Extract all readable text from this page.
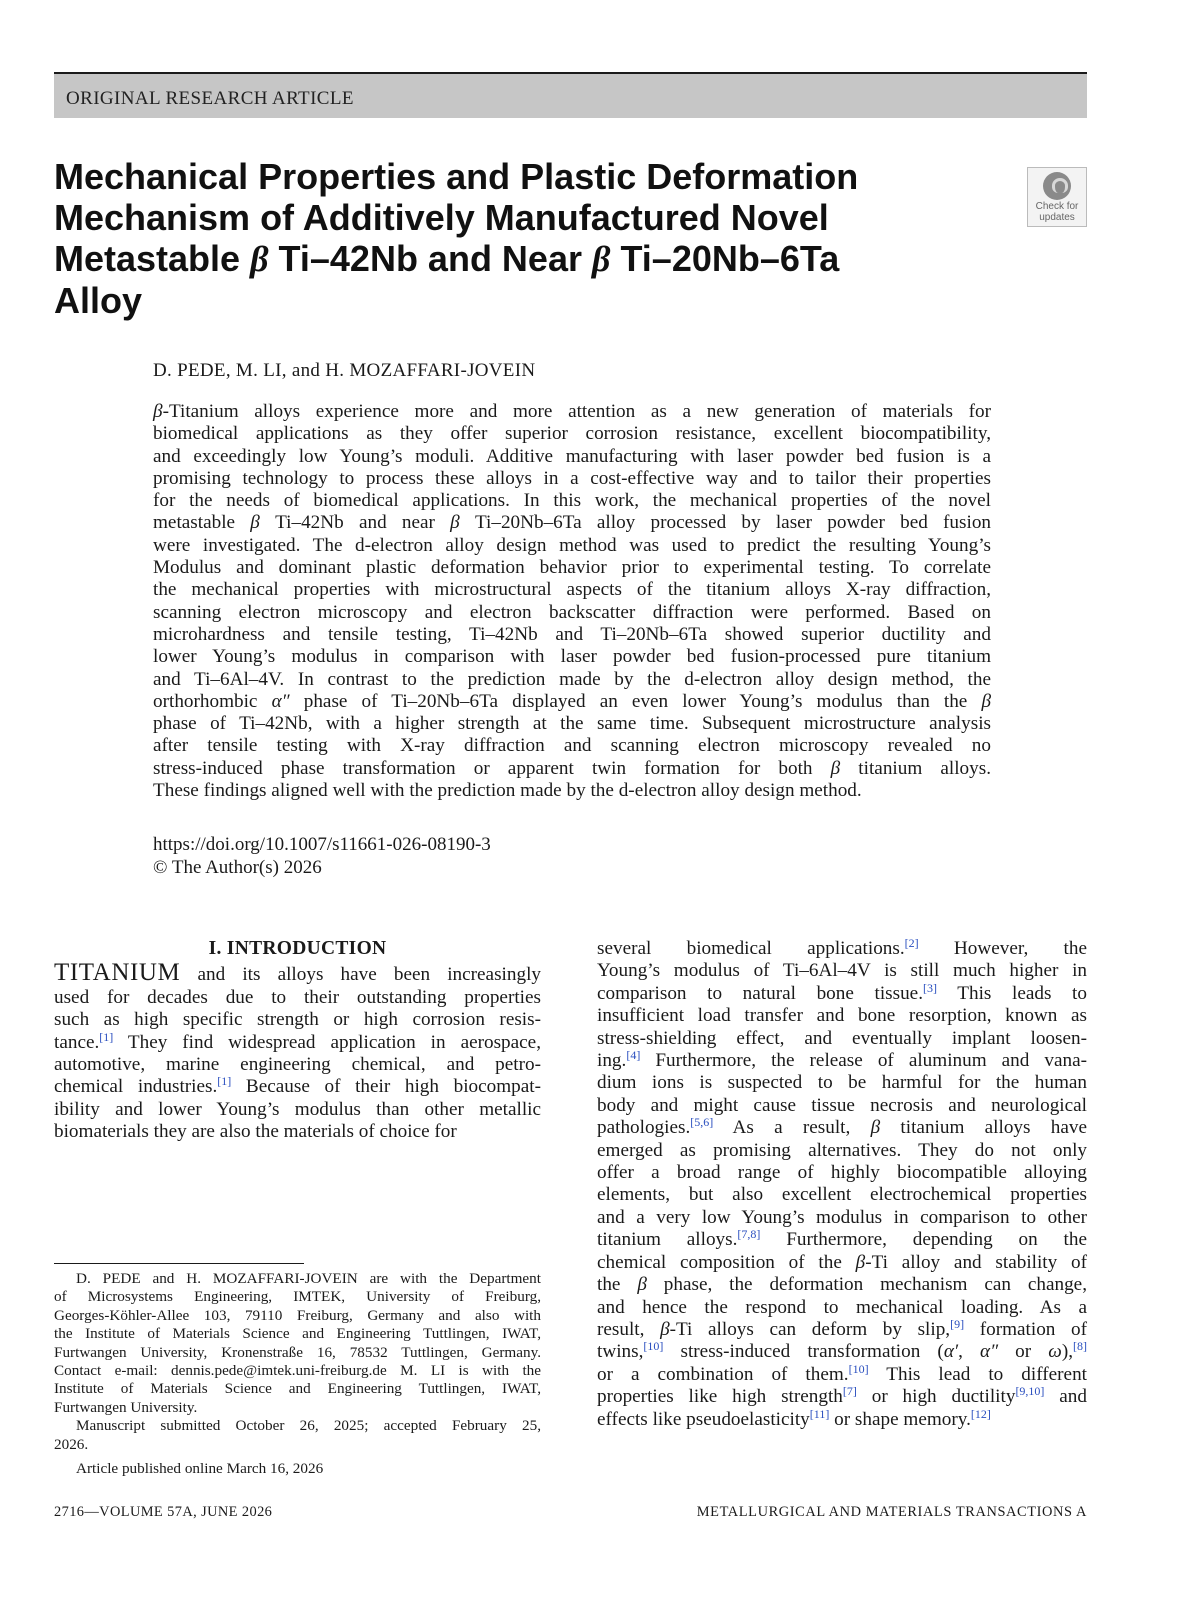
ORIGINAL RESEARCH ARTICLE
Mechanical Properties and Plastic Deformation
Mechanism of Additively Manufactured Novel
Metastable β Ti–42Nb and Near β Ti–20Nb–6Ta
Alloy
Check for
updates
D. PEDE, M. LI, and H. MOZAFFARI-JOVEIN
β-Titanium alloys experience more and more attention as a new generation of materials for
biomedical applications as they offer superior corrosion resistance, excellent biocompatibility,
and exceedingly low Young’s moduli. Additive manufacturing with laser powder bed fusion is a
promising technology to process these alloys in a cost-effective way and to tailor their properties
for the needs of biomedical applications. In this work, the mechanical properties of the novel
metastable β Ti–42Nb and near β Ti–20Nb–6Ta alloy processed by laser powder bed fusion
were investigated. The d-electron alloy design method was used to predict the resulting Young’s
Modulus and dominant plastic deformation behavior prior to experimental testing. To correlate
the mechanical properties with microstructural aspects of the titanium alloys X-ray diffraction,
scanning electron microscopy and electron backscatter diffraction were performed. Based on
microhardness and tensile testing, Ti–42Nb and Ti–20Nb–6Ta showed superior ductility and
lower Young’s modulus in comparison with laser powder bed fusion-processed pure titanium
and Ti–6Al–4V. In contrast to the prediction made by the d-electron alloy design method, the
orthorhombic α″ phase of Ti–20Nb–6Ta displayed an even lower Young’s modulus than the β
phase of Ti–42Nb, with a higher strength at the same time. Subsequent microstructure analysis
after tensile testing with X-ray diffraction and scanning electron microscopy revealed no
stress-induced phase transformation or apparent twin formation for both β titanium alloys.
These findings aligned well with the prediction made by the d-electron alloy design method.
https://doi.org/10.1007/s11661-026-08190-3
© The Author(s) 2026
I. INTRODUCTION
TITANIUM and its alloys have been increasingly
used for decades due to their outstanding properties
such as high specific strength or high corrosion resis-
tance.[1] They find widespread application in aerospace,
automotive, marine engineering chemical, and petro-
chemical industries.[1] Because of their high biocompat-
ibility and lower Young’s modulus than other metallic
biomaterials they are also the materials of choice for
several biomedical applications.[2] However, the
Young’s modulus of Ti–6Al–4V is still much higher in
comparison to natural bone tissue.[3] This leads to
insufficient load transfer and bone resorption, known as
stress-shielding effect, and eventually implant loosen-
ing.[4] Furthermore, the release of aluminum and vana-
dium ions is suspected to be harmful for the human
body and might cause tissue necrosis and neurological
pathologies.[5,6] As a result, β titanium alloys have
emerged as promising alternatives. They do not only
offer a broad range of highly biocompatible alloying
elements, but also excellent electrochemical properties
and a very low Young’s modulus in comparison to other
titanium alloys.[7,8] Furthermore, depending on the
chemical composition of the β-Ti alloy and stability of
the β phase, the deformation mechanism can change,
and hence the respond to mechanical loading. As a
result, β-Ti alloys can deform by slip,[9] formation of
twins,[10] stress-induced transformation (α′, α″ or ω),[8]
or a combination of them.[10] This lead to different
properties like high strength[7] or high ductility[9,10] and
effects like pseudoelasticity[11] or shape memory.[12]
D. PEDE and H. MOZAFFARI-JOVEIN are with the Department
of Microsystems Engineering, IMTEK, University of Freiburg,
Georges-Köhler-Allee 103, 79110 Freiburg, Germany and also with
the Institute of Materials Science and Engineering Tuttlingen, IWAT,
Furtwangen University, Kronenstraße 16, 78532 Tuttlingen, Germany.
Contact e-mail: dennis.pede@imtek.uni-freiburg.de M. LI is with the
Institute of Materials Science and Engineering Tuttlingen, IWAT,
Furtwangen University.
Manuscript submitted October 26, 2025; accepted February 25,
2026.
Article published online March 16, 2026
2716—VOLUME 57A, JUNE 2026	METALLURGICAL AND MATERIALS TRANSACTIONS A
